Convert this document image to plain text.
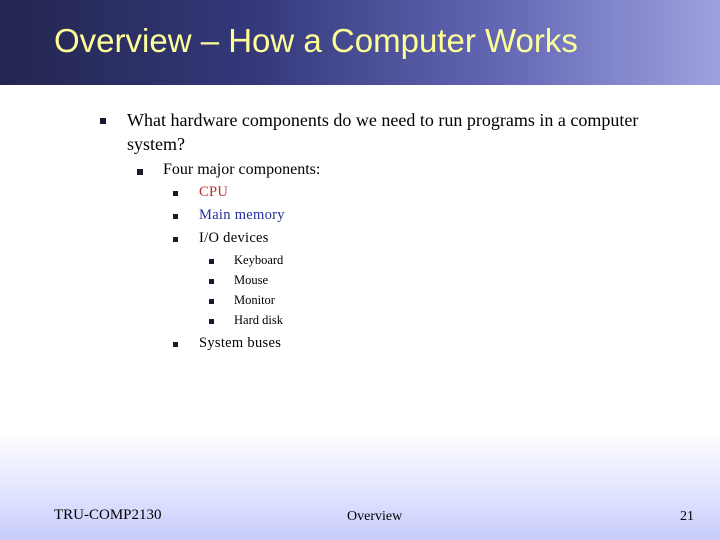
Overview – How a Computer Works
What hardware components do we need to run programs in a computer
system?
Four major components:
CPU
Main memory
I/O devices
Keyboard
Mouse
Monitor
Hard disk
System buses
TRU-COMP2130	Overview	21
